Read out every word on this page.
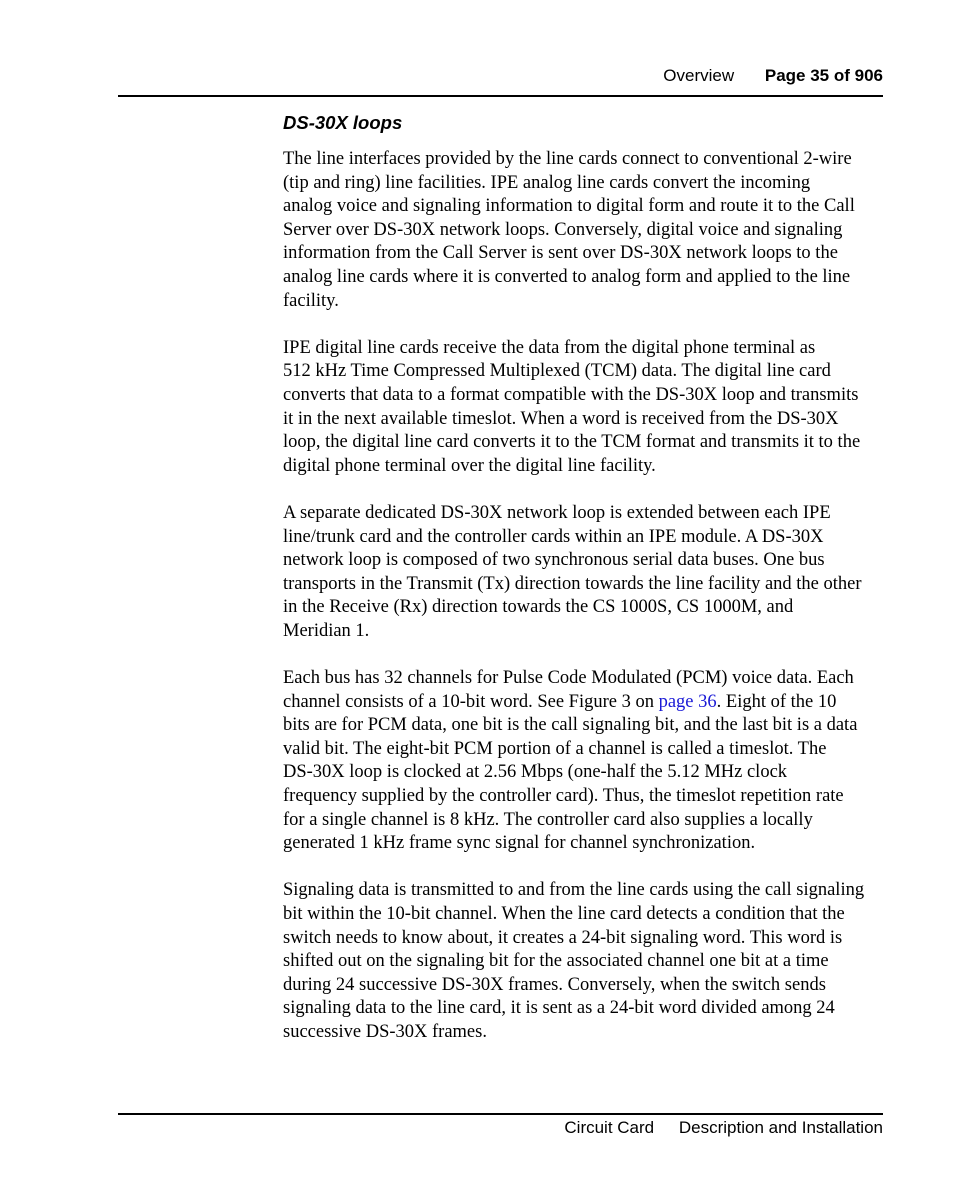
Overview Page 35 of 906
DS-30X loops

The line interfaces provided by the line cards connect to conventional 2-wire
(tip and ring) line facilities. IPE analog line cards convert the incoming
analog voice and signaling information to digital form and route it to the Call
Server over DS-30X network loops. Conversely, digital voice and signaling
information from the Call Server is sent over DS-30X network loops to the
analog line cards where it is converted to analog form and applied to the line
facility.

IPE digital line cards receive the data from the digital phone terminal as
512 kHz Time Compressed Multiplexed (TCM) data. The digital line card
converts that data to a format compatible with the DS-30X loop and transmits
it in the next available timeslot. When a word is received from the DS-30X
loop, the digital line card converts it to the TCM format and transmits it to the
digital phone terminal over the digital line facility.

A separate dedicated DS-30X network loop is extended between each IPE
line/trunk card and the controller cards within an IPE module. A DS-30X
network loop is composed of two synchronous serial data buses. One bus
transports in the Transmit (Tx) direction towards the line facility and the other
in the Receive (Rx) direction towards the CS 1000S, CS 1000M, and
Meridian 1.

Each bus has 32 channels for Pulse Code Modulated (PCM) voice data. Each
channel consists of a 10-bit word. See Figure 3 on page 36. Eight of the 10
bits are for PCM data, one bit is the call signaling bit, and the last bit is a data
valid bit. The eight-bit PCM portion of a channel is called a timeslot. The
DS-30X loop is clocked at 2.56 Mbps (one-half the 5.12 MHz clock
frequency supplied by the controller card). Thus, the timeslot repetition rate
for a single channel is 8 kHz. The controller card also supplies a locally
generated 1 kHz frame sync signal for channel synchronization.

Signaling data is transmitted to and from the line cards using the call signaling
bit within the 10-bit channel. When the line card detects a condition that the
switch needs to know about, it creates a 24-bit signaling word. This word is
shifted out on the signaling bit for the associated channel one bit at a time
during 24 successive DS-30X frames. Conversely, when the switch sends
signaling data to the line card, it is sent as a 24-bit word divided among 24
successive DS-30X frames.

Circuit Card Description and Installation
